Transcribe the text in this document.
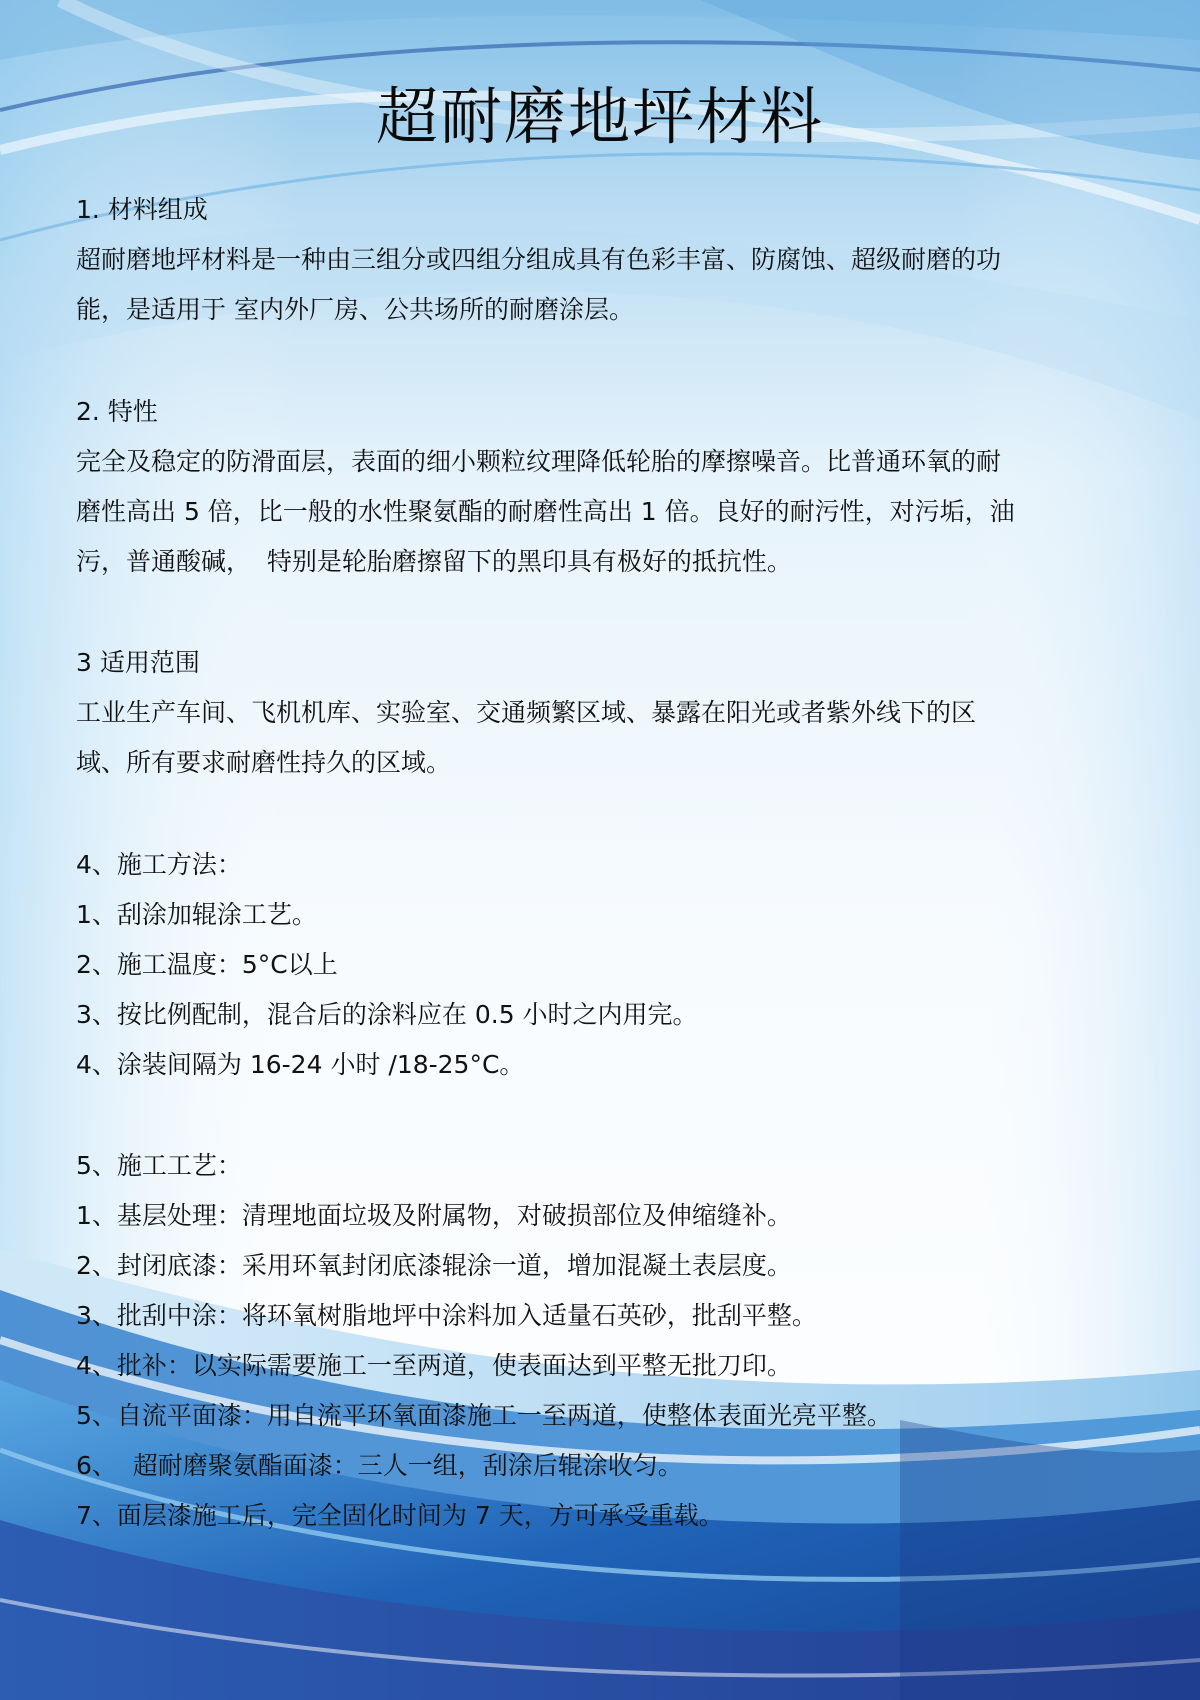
超耐磨地坪材料
1. 材料组成
超耐磨地坪材料是一种由三组分或四组分组成具有色彩丰富、防腐蚀、超级耐磨的功
能，是适用于 室内外厂房、公共场所的耐磨涂层。
2. 特性
完全及稳定的防滑面层，表面的细小颗粒纹理降低轮胎的摩擦噪音。比普通环氧的耐
磨性高出 5 倍，比一般的水性聚氨酯的耐磨性高出 1 倍。良好的耐污性，对污垢，油
污，普通酸碱，  特别是轮胎磨擦留下的黑印具有极好的抵抗性。
3 适用范围
工业生产车间、飞机机库、实验室、交通频繁区域、暴露在阳光或者紫外线下的区
域、所有要求耐磨性持久的区域。
4、施工方法：
1、刮涂加辊涂工艺。
2、施工温度：5°C以上
3、按比例配制，混合后的涂料应在 0.5 小时之内用完。
4、涂装间隔为 16-24 小时 /18-25°C。
5、施工工艺：
1、基层处理：清理地面垃圾及附属物，对破损部位及伸缩缝补。
2、封闭底漆：采用环氧封闭底漆辊涂一道，增加混凝土表层度。
3、批刮中涂：将环氧树脂地坪中涂料加入适量石英砂，批刮平整。
4、批补：以实际需要施工一至两道，使表面达到平整无批刀印。
5、自流平面漆：用自流平环氧面漆施工一至两道，使整体表面光亮平整。
6、  超耐磨聚氨酯面漆：三人一组，刮涂后辊涂收匀。
7、面层漆施工后，完全固化时间为 7 天，方可承受重载。
